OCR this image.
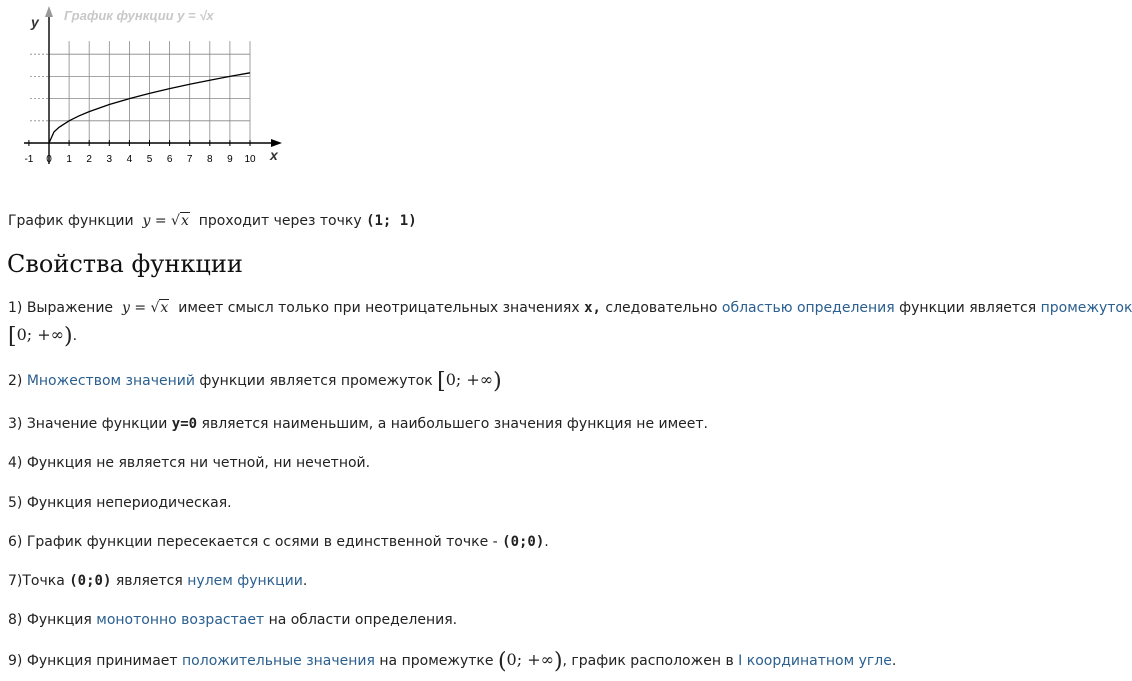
-1 0 1 2 3 4 5 6 7 8 9 10
y
x
График функции y = √x

График функции y = √x проходит через точку (1; 1)

Свойства функции

1) Выражение y = √x имеет смысл только при неотрицательных значениях x, следовательно областью определения функции является промежуток

[0; +∞).

2) Множеством значений функции является промежуток [0; +∞)

3) Значение функции y=0 является наименьшим, а наибольшего значения функция не имеет.

4) Функция не является ни четной, ни нечетной.

5) Функция непериодическая.

6) График функции пересекается с осями в единственной точке - (0;0).

7)Точка (0;0) является нулем функции.

8) Функция монотонно возрастает на области определения.

9) Функция принимает положительные значения на промежутке (0; +∞), график расположен в I координатном угле.
